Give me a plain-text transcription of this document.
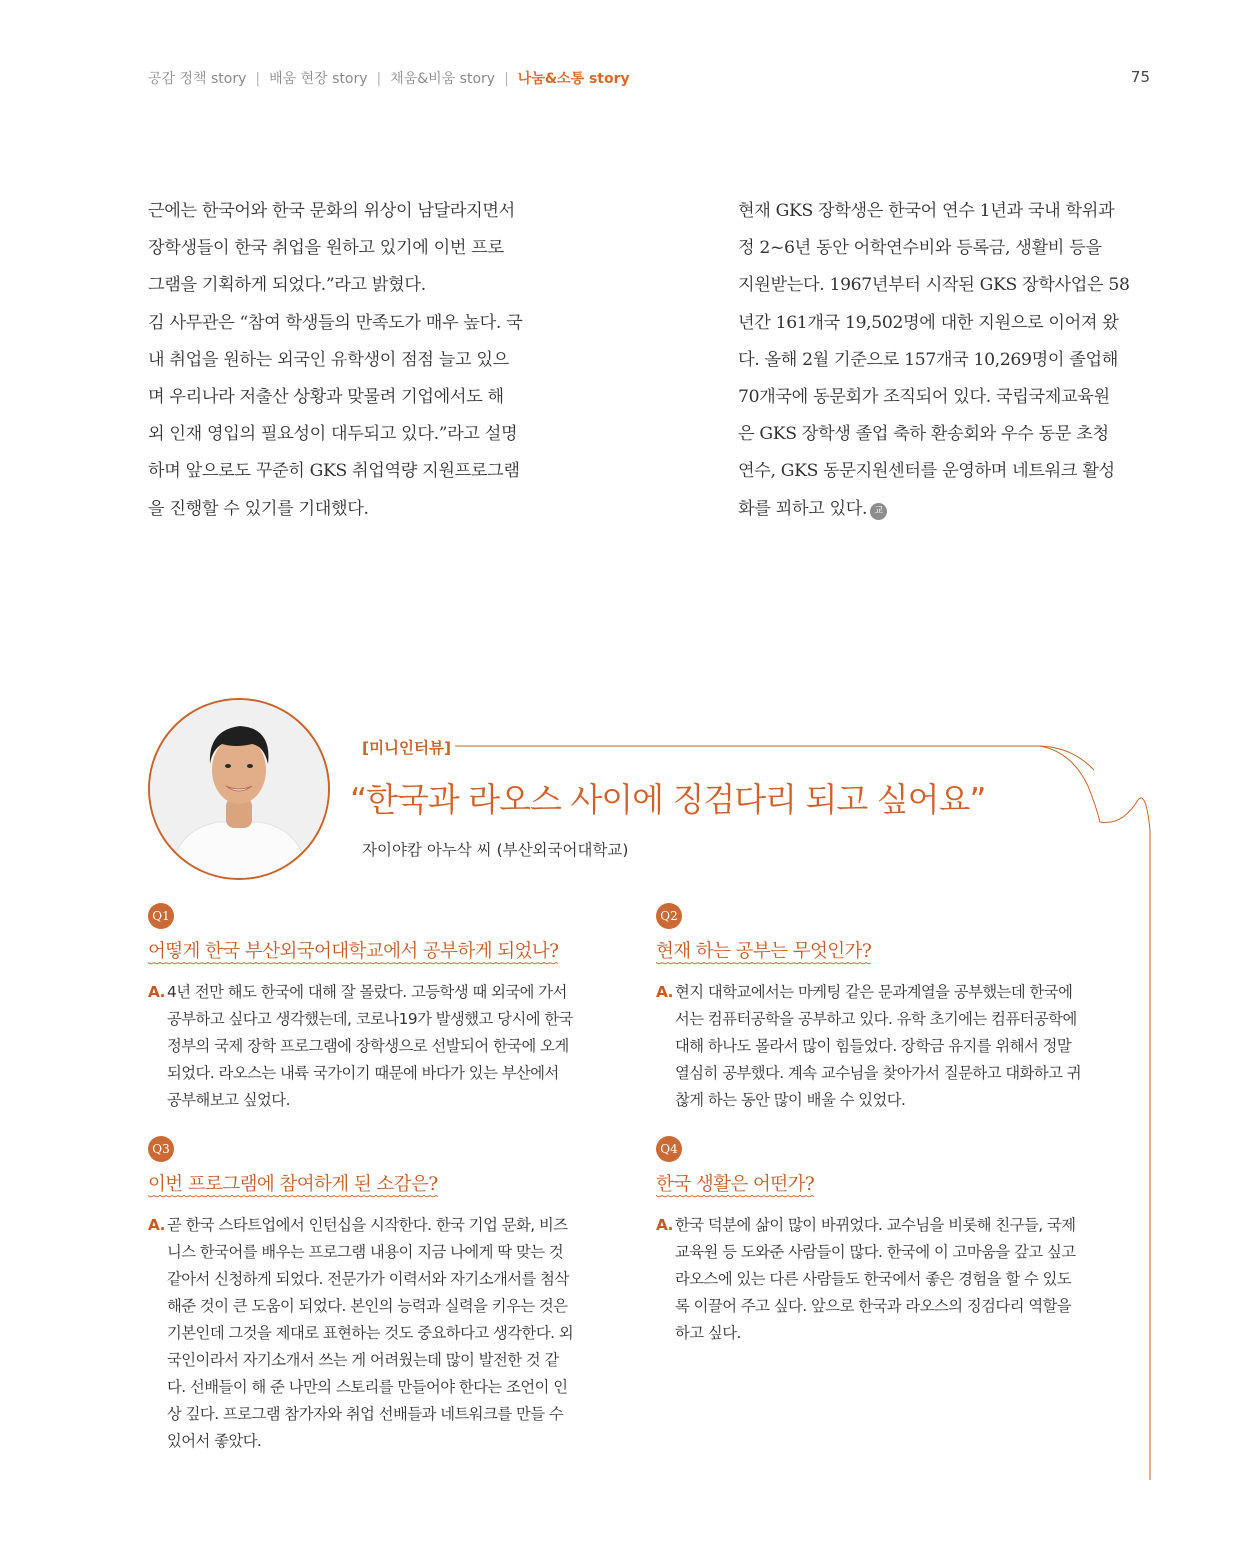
공감 정책 story | 배움 현장 story | 채움&비움 story | 나눔&소통 story	75

근에는 한국어와 한국 문화의 위상이 남달라지면서
장학생들이 한국 취업을 원하고 있기에 이번 프로
그램을 기획하게 되었다.”라고 밝혔다.
김 사무관은 “참여 학생들의 만족도가 매우 높다. 국
내 취업을 원하는 외국인 유학생이 점점 늘고 있으
며 우리나라 저출산 상황과 맞물려 기업에서도 해
외 인재 영입의 필요성이 대두되고 있다.”라고 설명
하며 앞으로도 꾸준히 GKS 취업역량 지원프로그램
을 진행할 수 있기를 기대했다.

현재 GKS 장학생은 한국어 연수 1년과 국내 학위과
정 2~6년 동안 어학연수비와 등록금, 생활비 등을
지원받는다. 1967년부터 시작된 GKS 장학사업은 58
년간 161개국 19,502명에 대한 지원으로 이어져 왔
다. 올해 2월 기준으로 157개국 10,269명이 졸업해
70개국에 동문회가 조직되어 있다. 국립국제교육원
은 GKS 장학생 졸업 축하 환송회와 우수 동문 초청
연수, GKS 동문지원센터를 운영하며 네트워크 활성
화를 꾀하고 있다. 교

[미니인터뷰]
“한국과 라오스 사이에 징검다리 되고 싶어요”
자이야캄 아누삭 씨 (부산외국어대학교)
Q1
어떻게 한국 부산외국어대학교에서 공부하게 되었나?
A. 4년 전만 해도 한국에 대해 잘 몰랐다. 고등학생 때 외국에 가서
공부하고 싶다고 생각했는데, 코로나19가 발생했고 당시에 한국
정부의 국제 장학 프로그램에 장학생으로 선발되어 한국에 오게
되었다. 라오스는 내륙 국가이기 때문에 바다가 있는 부산에서
공부해보고 싶었다.

Q2
현재 하는 공부는 무엇인가?
A. 현지 대학교에서는 마케팅 같은 문과계열을 공부했는데 한국에
서는 컴퓨터공학을 공부하고 있다. 유학 초기에는 컴퓨터공학에
대해 하나도 몰라서 많이 힘들었다. 장학금 유지를 위해서 정말
열심히 공부했다. 계속 교수님을 찾아가서 질문하고 대화하고 귀
찮게 하는 동안 많이 배울 수 있었다.

Q3
이번 프로그램에 참여하게 된 소감은?
A. 곧 한국 스타트업에서 인턴십을 시작한다. 한국 기업 문화, 비즈
니스 한국어를 배우는 프로그램 내용이 지금 나에게 딱 맞는 것
같아서 신청하게 되었다. 전문가가 이력서와 자기소개서를 첨삭
해준 것이 큰 도움이 되었다. 본인의 능력과 실력을 키우는 것은
기본인데 그것을 제대로 표현하는 것도 중요하다고 생각한다. 외
국인이라서 자기소개서 쓰는 게 어려웠는데 많이 발전한 것 같
다. 선배들이 해 준 나만의 스토리를 만들어야 한다는 조언이 인
상 깊다. 프로그램 참가자와 취업 선배들과 네트워크를 만들 수
있어서 좋았다.

Q4
한국 생활은 어떤가?
A. 한국 덕분에 삶이 많이 바뀌었다. 교수님을 비롯해 친구들, 국제
교육원 등 도와준 사람들이 많다. 한국에 이 고마움을 갚고 싶고
라오스에 있는 다른 사람들도 한국에서 좋은 경험을 할 수 있도
록 이끌어 주고 싶다. 앞으로 한국과 라오스의 징검다리 역할을
하고 싶다.
